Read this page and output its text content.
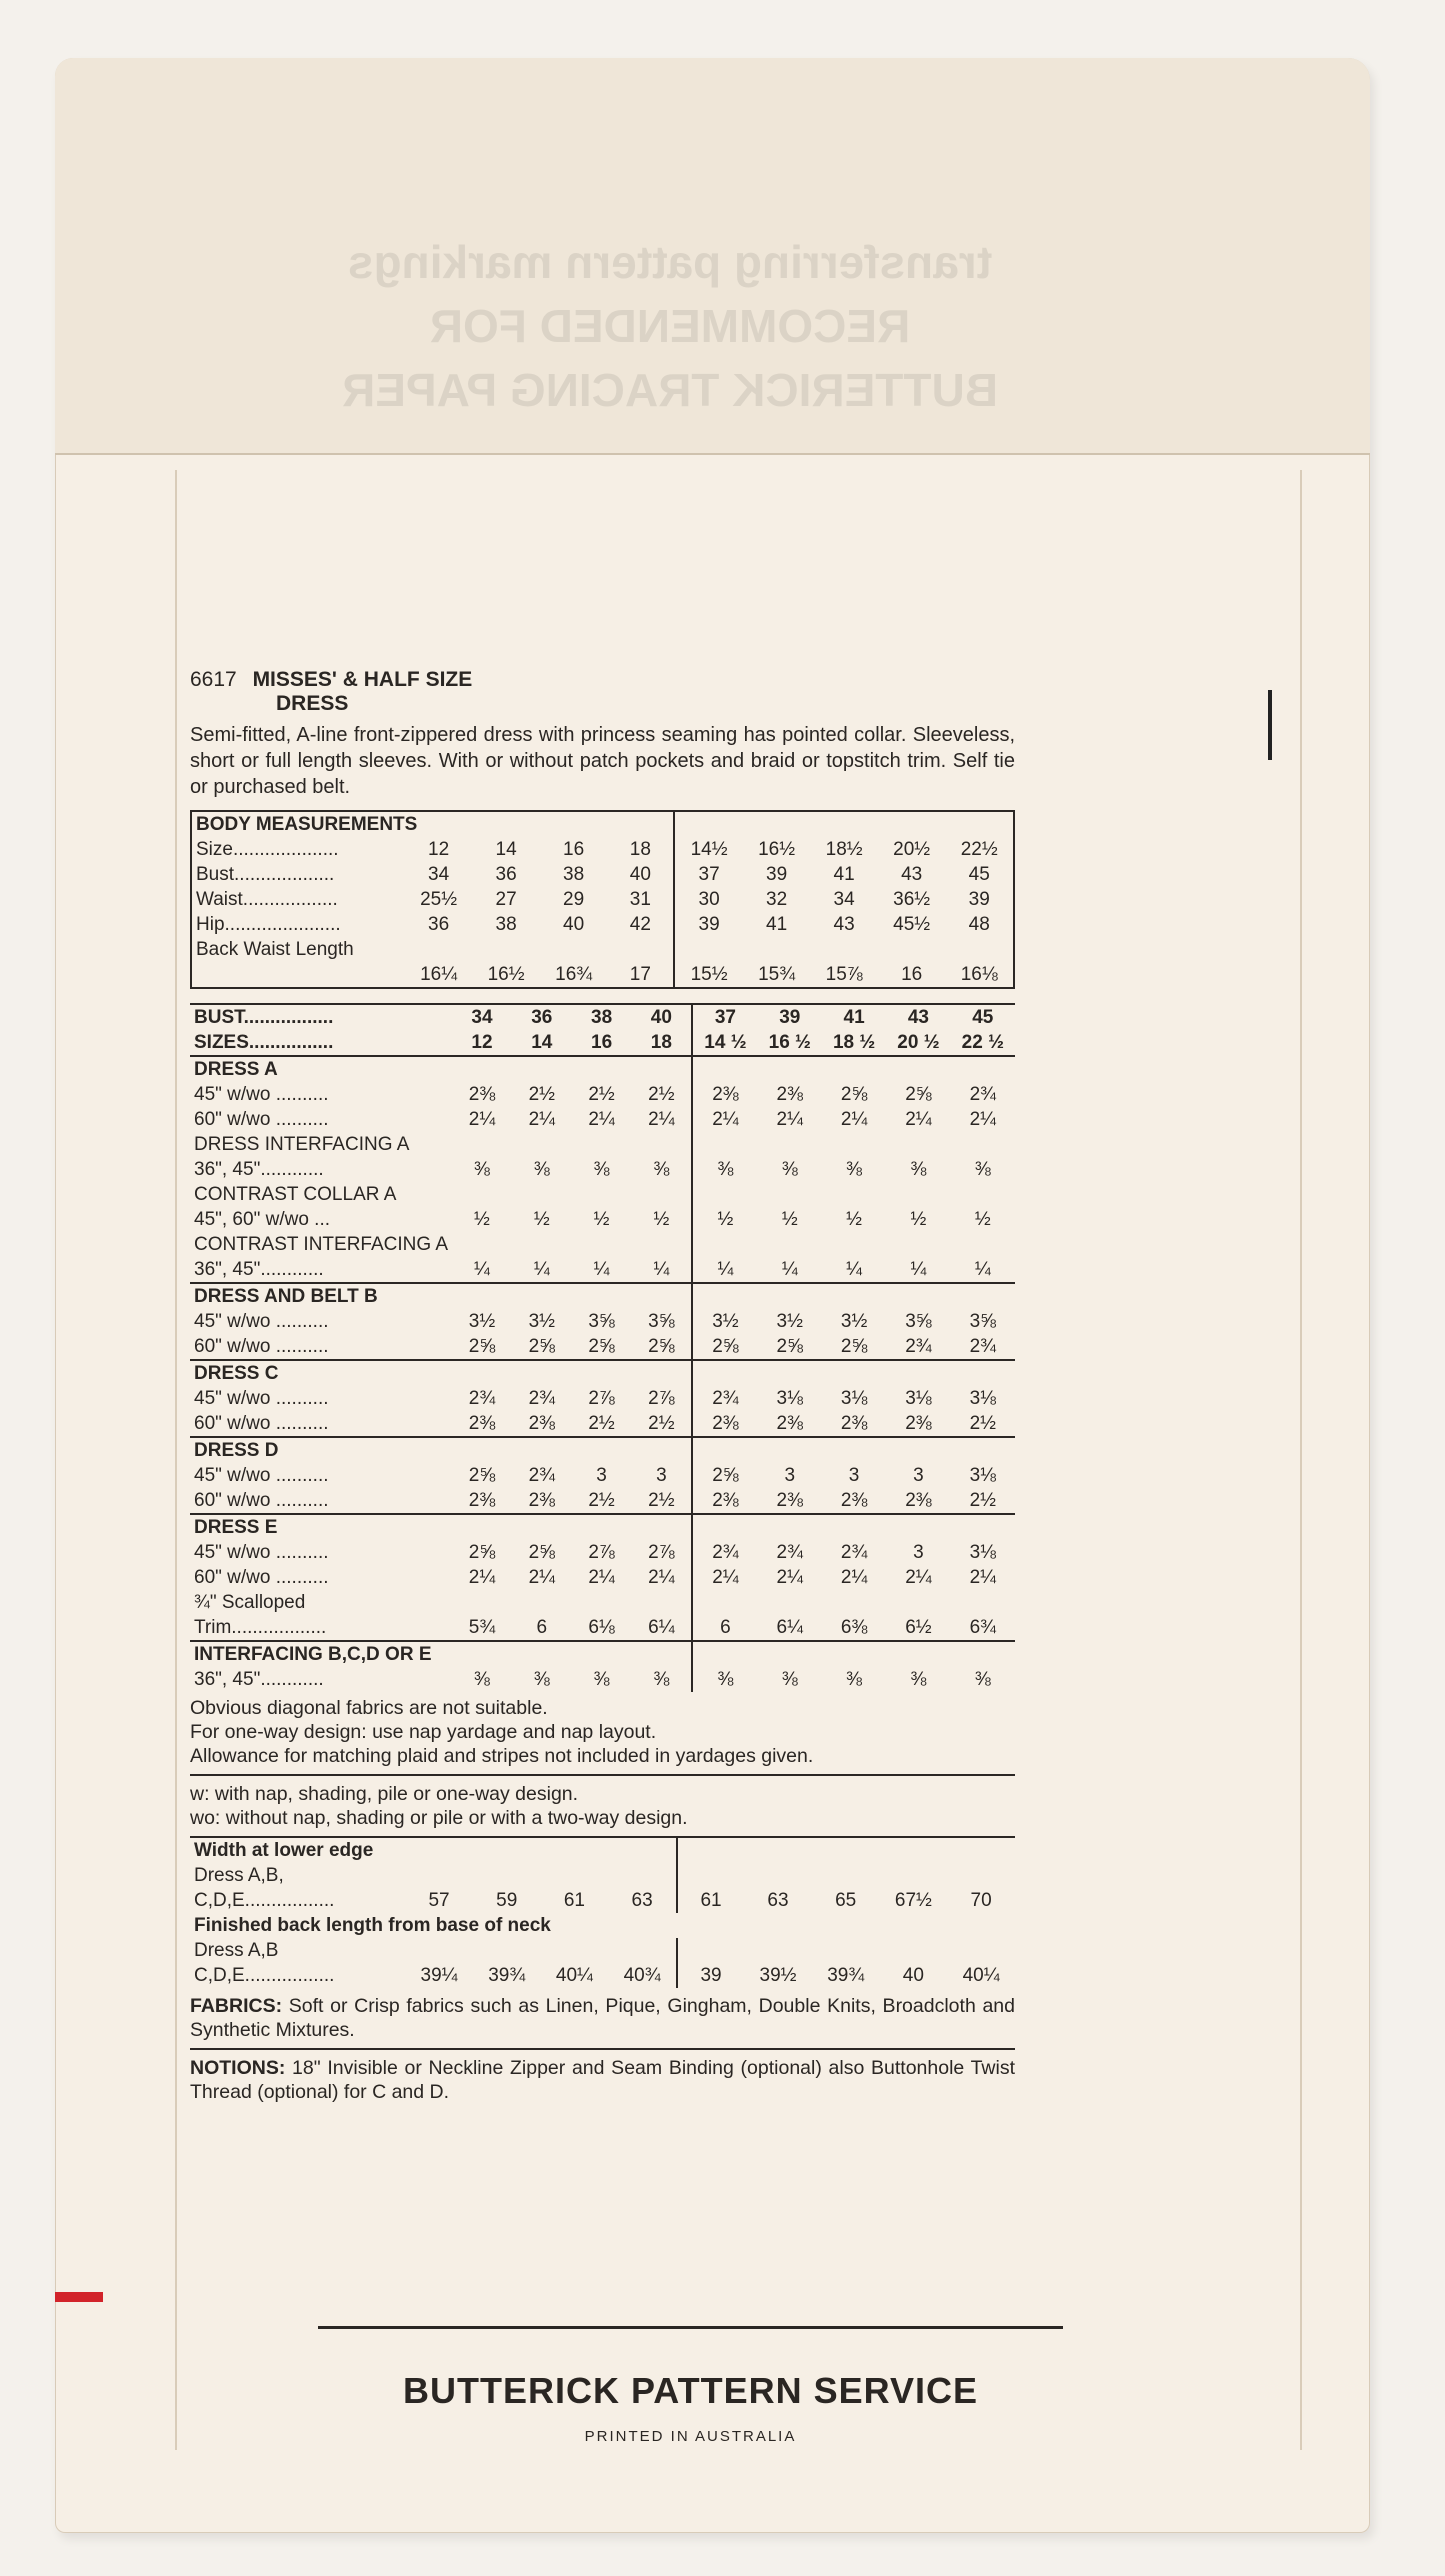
transferring pattern markings
RECOMMENDED FOR
BUTTERICK TRACING PAPER
6617 MISSES' & HALF SIZE
DRESS
Semi-fitted, A-line front-zippered dress with princess seaming has pointed collar. Sleeveless, short or full length sleeves. With or without patch pockets and braid or topstitch trim. Self tie or purchased belt.
BODY MEASUREMENTS									
Size....................	12	14	16	18	14½	16½	18½	20½	22½
Bust...................	34	36	38	40	37	39	41	43	45
Waist..................	25½	27	29	31	30	32	34	36½	39
Hip......................	36	38	40	42	39	41	43	45½	48
Back Waist Length									
	16¼	16½	16¾	17	15½	15¾	15⅞	16	16⅛
BUST.................	34	36	38	40	37	39	41	43	45
SIZES................	12	14	16	18	14 ½	16 ½	18 ½	20 ½	22 ½
DRESS A									
45" w/wo ..........	2⅜	2½	2½	2½	2⅜	2⅜	2⅝	2⅝	2¾
60" w/wo ..........	2¼	2¼	2¼	2¼	2¼	2¼	2¼	2¼	2¼
DRESS INTERFACING A									
36", 45"............	⅜	⅜	⅜	⅜	⅜	⅜	⅜	⅜	⅜
CONTRAST COLLAR A									
45", 60" w/wo ...	½	½	½	½	½	½	½	½	½
CONTRAST INTERFACING A									
36", 45"............	¼	¼	¼	¼	¼	¼	¼	¼	¼
DRESS AND BELT B									
45" w/wo ..........	3½	3½	3⅝	3⅝	3½	3½	3½	3⅝	3⅝
60" w/wo ..........	2⅝	2⅝	2⅝	2⅝	2⅝	2⅝	2⅝	2¾	2¾
DRESS C									
45" w/wo ..........	2¾	2¾	2⅞	2⅞	2¾	3⅛	3⅛	3⅛	3⅛
60" w/wo ..........	2⅜	2⅜	2½	2½	2⅜	2⅜	2⅜	2⅜	2½
DRESS D									
45" w/wo ..........	2⅝	2¾	3	3	2⅝	3	3	3	3⅛
60" w/wo ..........	2⅜	2⅜	2½	2½	2⅜	2⅜	2⅜	2⅜	2½
DRESS E									
45" w/wo ..........	2⅝	2⅝	2⅞	2⅞	2¾	2¾	2¾	3	3⅛
60" w/wo ..........	2¼	2¼	2¼	2¼	2¼	2¼	2¼	2¼	2¼
¾" Scalloped									
Trim..................	5¾	6	6⅛	6¼	6	6¼	6⅜	6½	6¾
INTERFACING B,C,D OR E									
36", 45"............	⅜	⅜	⅜	⅜	⅜	⅜	⅜	⅜	⅜

Obvious diagonal fabrics are not suitable.

For one-way design: use nap yardage and nap layout.

Allowance for matching plaid and stripes not included in yardages given.

w: with nap, shading, pile or one-way design.

wo: without nap, shading or pile or with a two-way design.

Width at lower edge									
Dress A,B,									
C,D,E.................	57	59	61	63	61	63	65	67½	70
Finished back length from base of neck									
Dress A,B									
C,D,E.................	39¼	39¾	40¼	40¾	39	39½	39¾	40	40¼
FABRICS: Soft or Crisp fabrics such as Linen, Pique, Gingham, Double Knits, Broadcloth and Synthetic Mixtures.
NOTIONS: 18" Invisible or Neckline Zipper and Seam Binding (optional) also Buttonhole Twist Thread (optional) for C and D.
BUTTERICK PATTERN SERVICE
PRINTED IN AUSTRALIA
